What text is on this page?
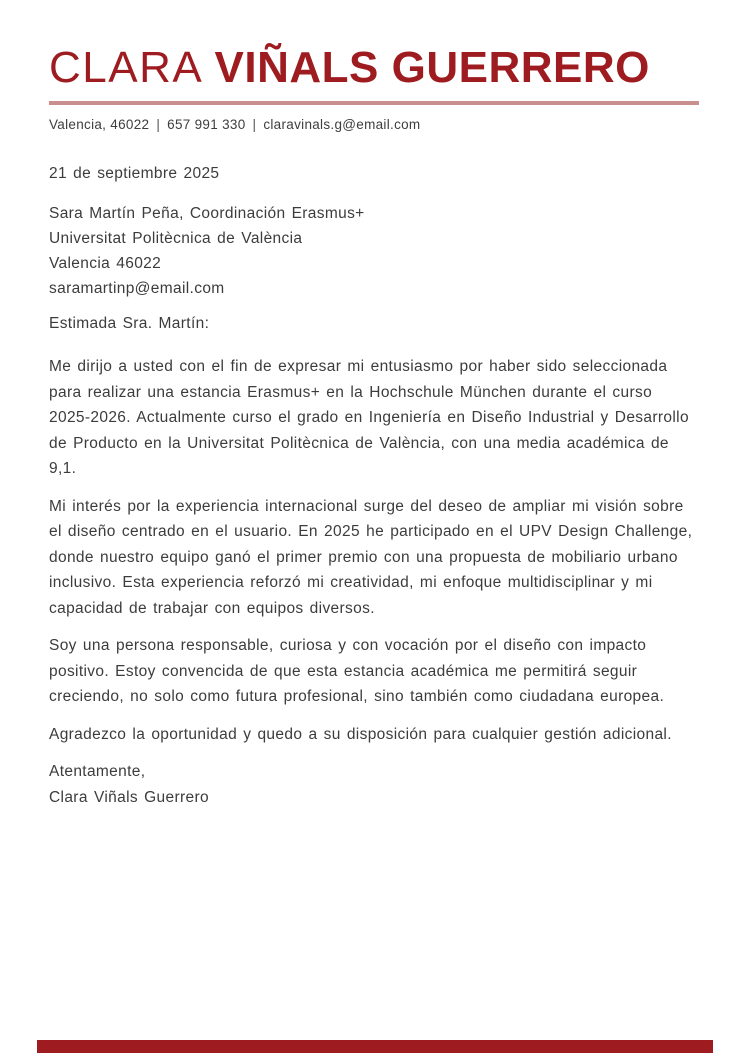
CLARA VIÑALS GUERRERO
Valencia, 46022 | 657 991 330 | claravinals.g@email.com
21 de septiembre 2025
Sara Martín Peña, Coordinación Erasmus+
Universitat Politècnica de València
Valencia 46022
saramartinp@email.com
Estimada Sra. Martín:

Me dirijo a usted con el fin de expresar mi entusiasmo por haber sido seleccionada para realizar una estancia Erasmus+ en la Hochschule München durante el curso 2025-2026. Actualmente curso el grado en Ingeniería en Diseño Industrial y Desarrollo de Producto en la Universitat Politècnica de València, con una media académica de 9,1.

Mi interés por la experiencia internacional surge del deseo de ampliar mi visión sobre el diseño centrado en el usuario. En 2025 he participado en el UPV Design Challenge, donde nuestro equipo ganó el primer premio con una propuesta de mobiliario urbano inclusivo. Esta experiencia reforzó mi creatividad, mi enfoque multidisciplinar y mi capacidad de trabajar con equipos diversos.

Soy una persona responsable, curiosa y con vocación por el diseño con impacto positivo. Estoy convencida de que esta estancia académica me permitirá seguir creciendo, no solo como futura profesional, sino también como ciudadana europea.

Agradezco la oportunidad y quedo a su disposición para cualquier gestión adicional.

Atentamente,
Clara Viñals Guerrero
